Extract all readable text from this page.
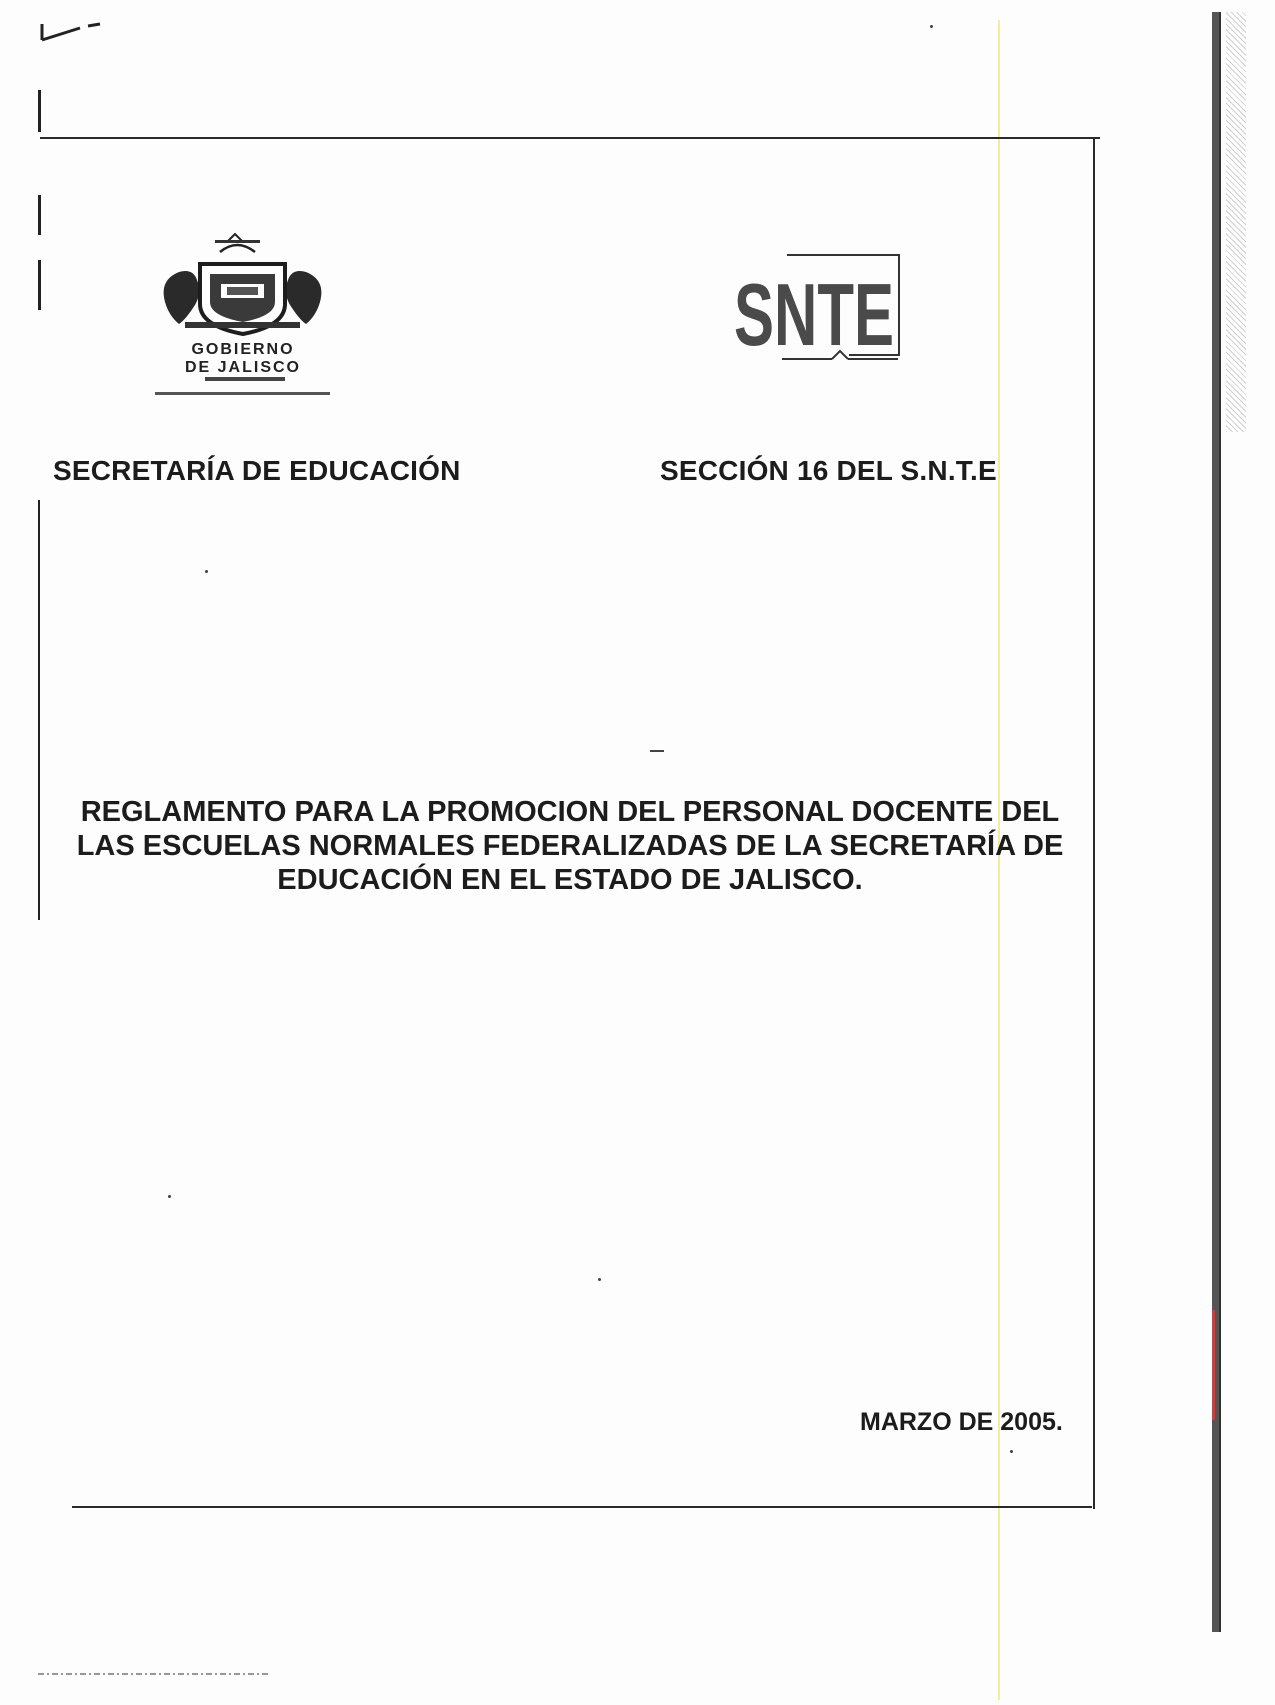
GOBIERNO
DE JALISCO
SNTE
SECRETARÍA DE EDUCACIÓN	SECCIÓN 16 DEL S.N.T.E
REGLAMENTO PARA LA PROMOCION DEL PERSONAL DOCENTE DEL
LAS ESCUELAS NORMALES FEDERALIZADAS DE LA SECRETARÍA DE
EDUCACIÓN EN EL ESTADO DE JALISCO.
MARZO DE 2005.
